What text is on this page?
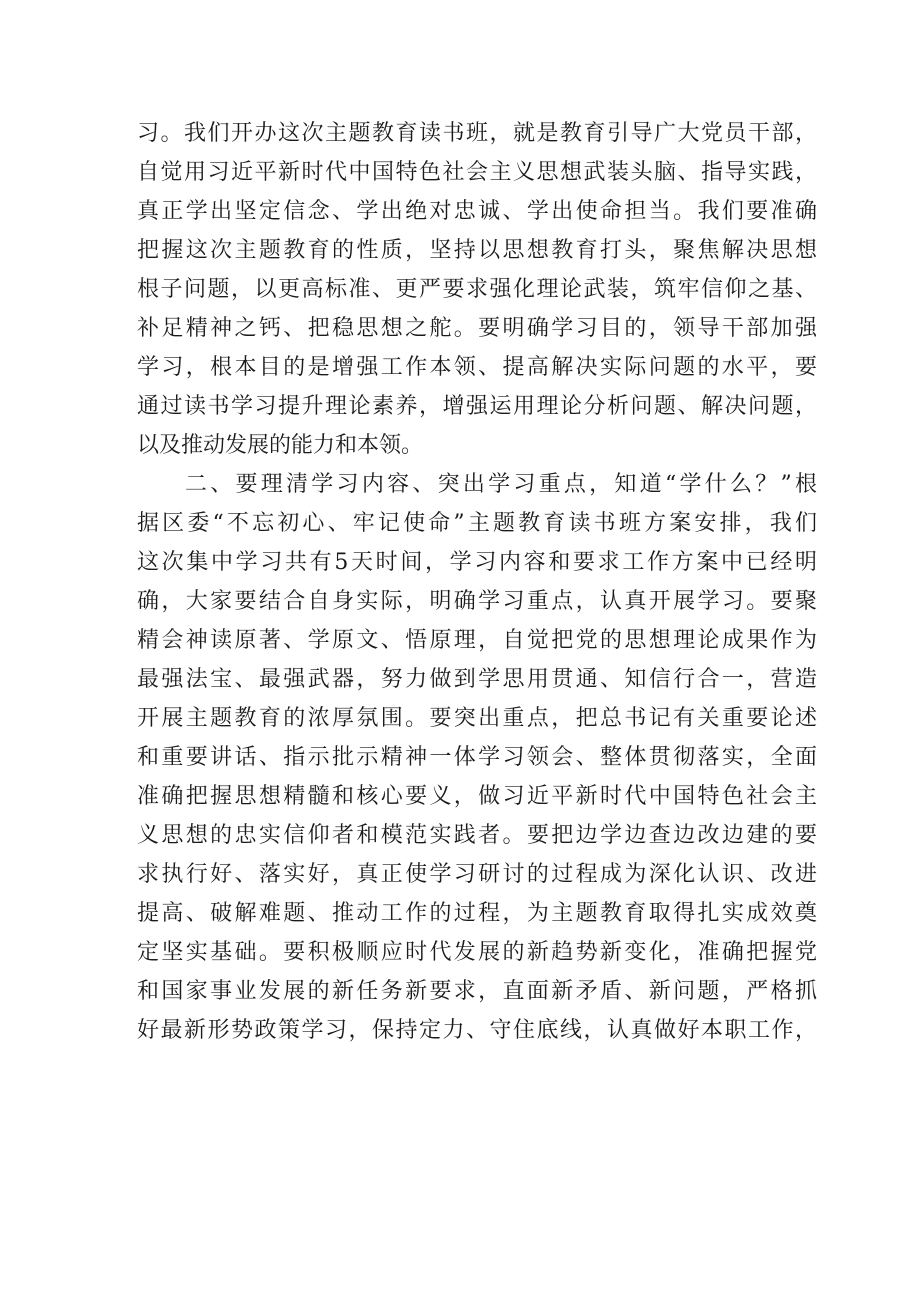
习。我们开办这次主题教育读书班，就是教育引导广大党员干部，
自觉用习近平新时代中国特色社会主义思想武装头脑、指导实践，
真正学出坚定信念、学出绝对忠诚、学出使命担当。我们要准确
把握这次主题教育的性质，坚持以思想教育打头，聚焦解决思想
根子问题，以更高标准、更严要求强化理论武装，筑牢信仰之基、
补足精神之钙、把稳思想之舵。要明确学习目的，领导干部加强
学习，根本目的是增强工作本领、提高解决实际问题的水平，要
通过读书学习提升理论素养，增强运用理论分析问题、解决问题，
以及推动发展的能力和本领。
二、要理清学习内容、突出学习重点，知道“学什么？”根
据区委“不忘初心、牢记使命”主题教育读书班方案安排，我们
这次集中学习共有5天时间，学习内容和要求工作方案中已经明
确，大家要结合自身实际，明确学习重点，认真开展学习。要聚
精会神读原著、学原文、悟原理，自觉把党的思想理论成果作为
最强法宝、最强武器，努力做到学思用贯通、知信行合一，营造
开展主题教育的浓厚氛围。要突出重点，把总书记有关重要论述
和重要讲话、指示批示精神一体学习领会、整体贯彻落实，全面
准确把握思想精髓和核心要义，做习近平新时代中国特色社会主
义思想的忠实信仰者和模范实践者。要把边学边查边改边建的要
求执行好、落实好，真正使学习研讨的过程成为深化认识、改进
提高、破解难题、推动工作的过程，为主题教育取得扎实成效奠
定坚实基础。要积极顺应时代发展的新趋势新变化，准确把握党
和国家事业发展的新任务新要求，直面新矛盾、新问题，严格抓
好最新形势政策学习，保持定力、守住底线，认真做好本职工作，
